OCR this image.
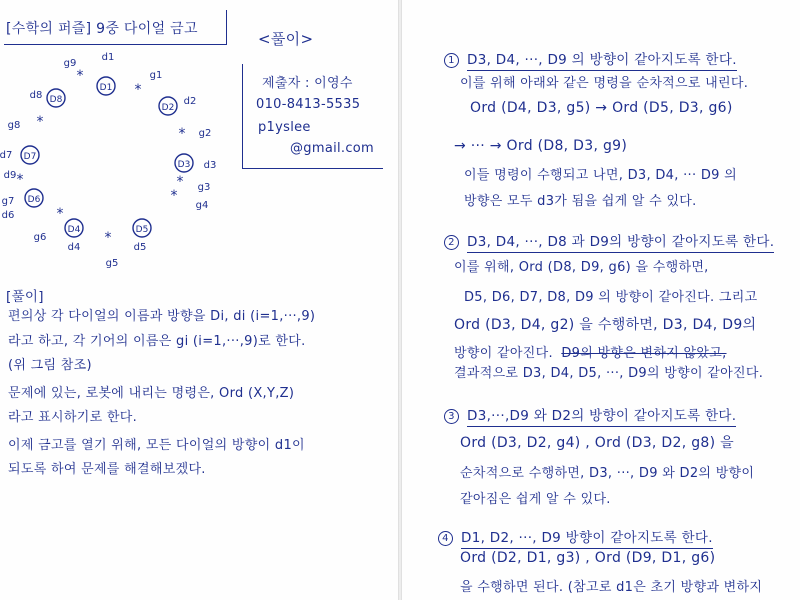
[수학의 퍼즐] 9중 다이얼 금고
<풀이>
제출자 : 이영수
010-8413-5535
p1yslee
@gmail.com
D1
d1
D2
d2
D3 d3
D4
d4
D5
d5
D6
d6
D7
d7
D8
d8
d9
*
g1
* g2
* g3
*
g4
*
g5
*
g6
*
g7
*
g8
*
g9
[풀이]
편의상 각 다이얼의 이름과 방향을 Di, di (i=1,···,9)
라고 하고, 각 기어의 이름은 gi (i=1,···,9)로 한다.
(위 그림 참조)
문제에 있는, 로봇에 내리는 명령은, Ord (X,Y,Z)
라고 표시하기로 한다.
이제 금고를 열기 위해, 모든 다이얼의 방향이 d1이
되도록 하여 문제를 해결해보겠다.
1 D3, D4, ···, D9 의 방향이 같아지도록 한다.
이를 위해 아래와 같은 명령을 순차적으로 내린다.
Ord (D4, D3, g5) → Ord (D5, D3, g6)
→ ··· → Ord (D8, D3, g9)
이들 명령이 수행되고 나면, D3, D4, ··· D9 의
방향은 모두 d3가 됨을 쉽게 알 수 있다.
2 D3, D4, ···, D8 과 D9의 방향이 같아지도록 한다.
이를 위해, Ord (D8, D9, g6) 을 수행하면,
D5, D6, D7, D8, D9 의 방향이 같아진다. 그리고
Ord (D3, D4, g2) 을 수행하면, D3, D4, D9의
방향이 같아진다. D9의 방향은 변하지 않았고,
결과적으로 D3, D4, D5, ···, D9의 방향이 같아진다.
3 D3,···,D9 와 D2의 방향이 같아지도록 한다.
Ord (D3, D2, g4) , Ord (D3, D2, g8) 을
순차적으로 수행하면, D3, ···, D9 와 D2의 방향이
같아짐은 쉽게 알 수 있다.
4 D1, D2, ···, D9 방향이 같아지도록 한다.
Ord (D2, D1, g3) , Ord (D9, D1, g6)
을 수행하면 된다. (참고로 d1은 초기 방향과 변하지
